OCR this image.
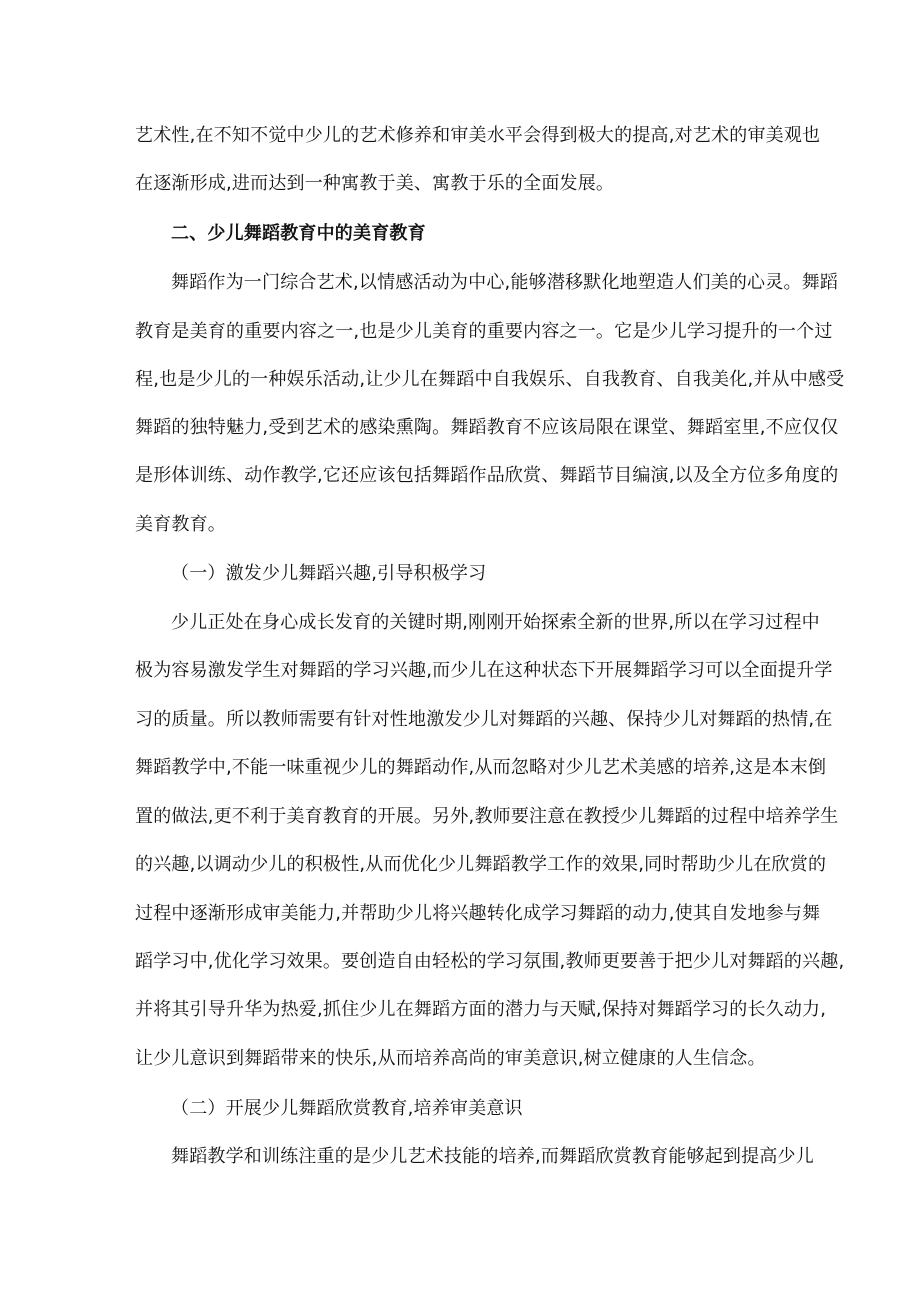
艺术性,在不知不觉中少儿的艺术修养和审美水平会得到极大的提高,对艺术的审美观也
在逐渐形成,进而达到一种寓教于美、寓教于乐的全面发展。
二、少儿舞蹈教育中的美育教育
舞蹈作为一门综合艺术,以情感活动为中心,能够潜移默化地塑造人们美的心灵。舞蹈
教育是美育的重要内容之一,也是少儿美育的重要内容之一。它是少儿学习提升的一个过
程,也是少儿的一种娱乐活动,让少儿在舞蹈中自我娱乐、自我教育、自我美化,并从中感受
舞蹈的独特魅力,受到艺术的感染熏陶。舞蹈教育不应该局限在课堂、舞蹈室里,不应仅仅
是形体训练、动作教学,它还应该包括舞蹈作品欣赏、舞蹈节目编演,以及全方位多角度的
美育教育。
（一）激发少儿舞蹈兴趣,引导积极学习
少儿正处在身心成长发育的关键时期,刚刚开始探索全新的世界,所以在学习过程中
极为容易激发学生对舞蹈的学习兴趣,而少儿在这种状态下开展舞蹈学习可以全面提升学
习的质量。所以教师需要有针对性地激发少儿对舞蹈的兴趣、保持少儿对舞蹈的热情,在
舞蹈教学中,不能一味重视少儿的舞蹈动作,从而忽略对少儿艺术美感的培养,这是本末倒
置的做法,更不利于美育教育的开展。另外,教师要注意在教授少儿舞蹈的过程中培养学生
的兴趣,以调动少儿的积极性,从而优化少儿舞蹈教学工作的效果,同时帮助少儿在欣赏的
过程中逐渐形成审美能力,并帮助少儿将兴趣转化成学习舞蹈的动力,使其自发地参与舞
蹈学习中,优化学习效果。要创造自由轻松的学习氛围,教师更要善于把少儿对舞蹈的兴趣,
并将其引导升华为热爱,抓住少儿在舞蹈方面的潜力与天赋,保持对舞蹈学习的长久动力,
让少儿意识到舞蹈带来的快乐,从而培养高尚的审美意识,树立健康的人生信念。
（二）开展少儿舞蹈欣赏教育,培养审美意识
舞蹈教学和训练注重的是少儿艺术技能的培养,而舞蹈欣赏教育能够起到提高少儿
